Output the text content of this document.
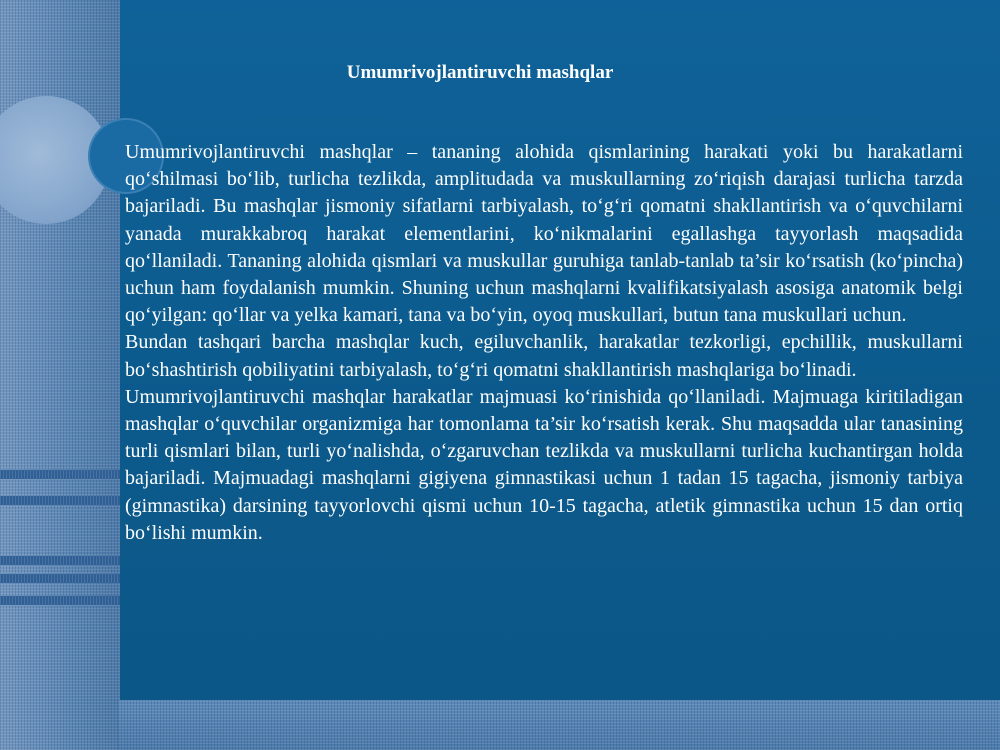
Umumrivojlantiruvchi mashqlar

Umumrivojlantiruvchi mashqlar – tananing alohida qismlarining harakati yoki bu harakatlarni qo‘shilmasi bo‘lib, turlicha tezlikda, amplitudada va muskullarning zo‘riqish darajasi turlicha tarzda bajariladi. Bu mashqlar jismoniy sifatlarni tarbiyalash, to‘g‘ri qomatni shakllantirish va o‘quvchilarni yanada murakkabroq harakat elementlarini, ko‘nikmalarini egallashga tayyorlash maqsadida qo‘llaniladi. Tananing alohida qismlari va muskullar guruhiga tanlab-tanlab ta’sir ko‘rsatish (ko‘pincha) uchun ham foydalanish mumkin. Shuning uchun mashqlarni kvalifikatsiyalash asosiga anatomik belgi qo‘yilgan: qo‘llar va yelka kamari, tana va bo‘yin, oyoq muskullari, butun tana muskullari uchun.

Bundan tashqari barcha mashqlar kuch, egiluvchanlik, harakatlar tezkorligi, epchillik, muskullarni bo‘shashtirish qobiliyatini tarbiyalash, to‘g‘ri qomatni shakllantirish mashqlariga bo‘linadi.

Umumrivojlantiruvchi mashqlar harakatlar majmuasi ko‘rinishida qo‘llaniladi. Majmuaga kiritiladigan mashqlar o‘quvchilar organizmiga har tomonlama ta’sir ko‘rsatish kerak. Shu maqsadda ular tanasining turli qismlari bilan, turli yo‘nalishda, o‘zgaruvchan tezlikda va muskullarni turlicha kuchantirgan holda bajariladi. Majmuadagi mashqlarni gigiyena gimnastikasi uchun 1 tadan 15 tagacha, jismoniy tarbiya (gimnastika) darsining tayyorlovchi qismi uchun 10-15 tagacha, atletik gimnastika uchun 15 dan ortiq bo‘lishi mumkin.
